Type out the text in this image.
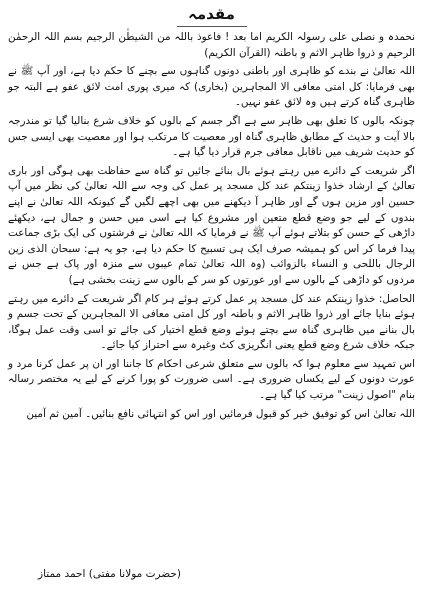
مقدمہ

نحمدہ و نصلی علی رسولہ الکریم اما بعد ! فاعوذ باللہ من الشیطٰن الرجیم بسم اللہ الرحمٰن الرحیم و ذروا ظاہر الاثم و باطنہ (القرآن الکریم)

اللہ تعالیٰ نے بندے کو ظاہری اور باطنی دونوں گناہوں سے بچنے کا حکم دیا ہے، اور آپ ﷺ نے بھی فرمایا: کل امتی معافی الا المجاہرین (بخاری) کہ میری پوری امت لائق عفو ہے البتہ جو ظاہری گناہ کرتے ہیں وہ لائق عفو نہیں۔

چونکہ بالوں کا تعلق بھی ظاہر سے ہے اگر جسم کے بالوں کو خلاف شرع بنالیا گیا تو مندرجہ بالا آیت و حدیث کے مطابق ظاہری گناہ اور معصیت کا مرتکب ہوا اور معصیت بھی ایسی جس کو حدیث شریف میں ناقابل معافی جرم قرار دیا گیا ہے۔

اگر شریعت کے دائرے میں رہتے ہوئے بال بنائے جائیں تو گناہ سے حفاظت بھی ہوگی اور باری تعالیٰ کے ارشاد خذوا زینتکم عند کل مسجد پر عمل کی وجہ سے اللہ تعالیٰ کی نظر میں آپ حسین اور مزین ہوں گے اور ظاہر آ دیکھنے میں بھی اچھے لگیں گے کیونکہ اللہ تعالیٰ نے اپنے بندوں کے لیے جو وضع قطع متعین اور مشروع کیا ہے اسی میں حسن و جمال ہے، دیکھئے داڑھی کے حسن کو بتلاتے ہوئے آپ ﷺ نے فرمایا کہ اللہ تعالیٰ نے فرشتوں کی ایک بڑی جماعت پیدا فرما کر اس کو ہمیشہ صرف ایک ہی تسبیح کا حکم دیا ہے، جو یہ ہے: سبحان الذی زین الرجال باللحی و النساء بالزوائب (وہ اللہ تعالیٰ تمام عیبوں سے منزہ اور پاک ہے جس نے مردوں کو داڑھی کے بالوں سے اور عورتوں کو سر کے بالوں سے زینت بخشی ہے)

الحاصل: خذوا زینتکم عند کل مسجد پر عمل کرتے ہوئے ہر کام اگر شریعت کے دائرے میں رہتے ہوئے بنایا جائے اور ذروا ظاہر الاثم و باطنہ اور کل امتی معافی الا المجاہرین کے تحت جسم و بال بنانے میں ظاہری گناہ سے بچتے ہوئے وضع قطع اختیار کی جائے تو اسی وقت عمل ہوگا، جبکہ خلاف شرع وضع قطع یعنی انگریزی کٹ وغیرہ سے احتراز کیا جائے۔

اس تمہید سے معلوم ہوا کہ بالوں سے متعلق شرعی احکام کا جاننا اور ان پر عمل کرنا مرد و عورت دونوں کے لیے یکساں ضروری ہے۔ اسی ضرورت کو پورا کرنے کے لیے یہ مختصر رسالہ بنام "اصول زینت" مرتب کیا گیا ہے۔

اللہ تعالیٰ اس کو توفیق خیر کو قبول فرمائیں اور اس کو انتہائی نافع بنائیں۔ آمین ثم آمین

(حضرت مولانا مفتی) احمد ممتاز
